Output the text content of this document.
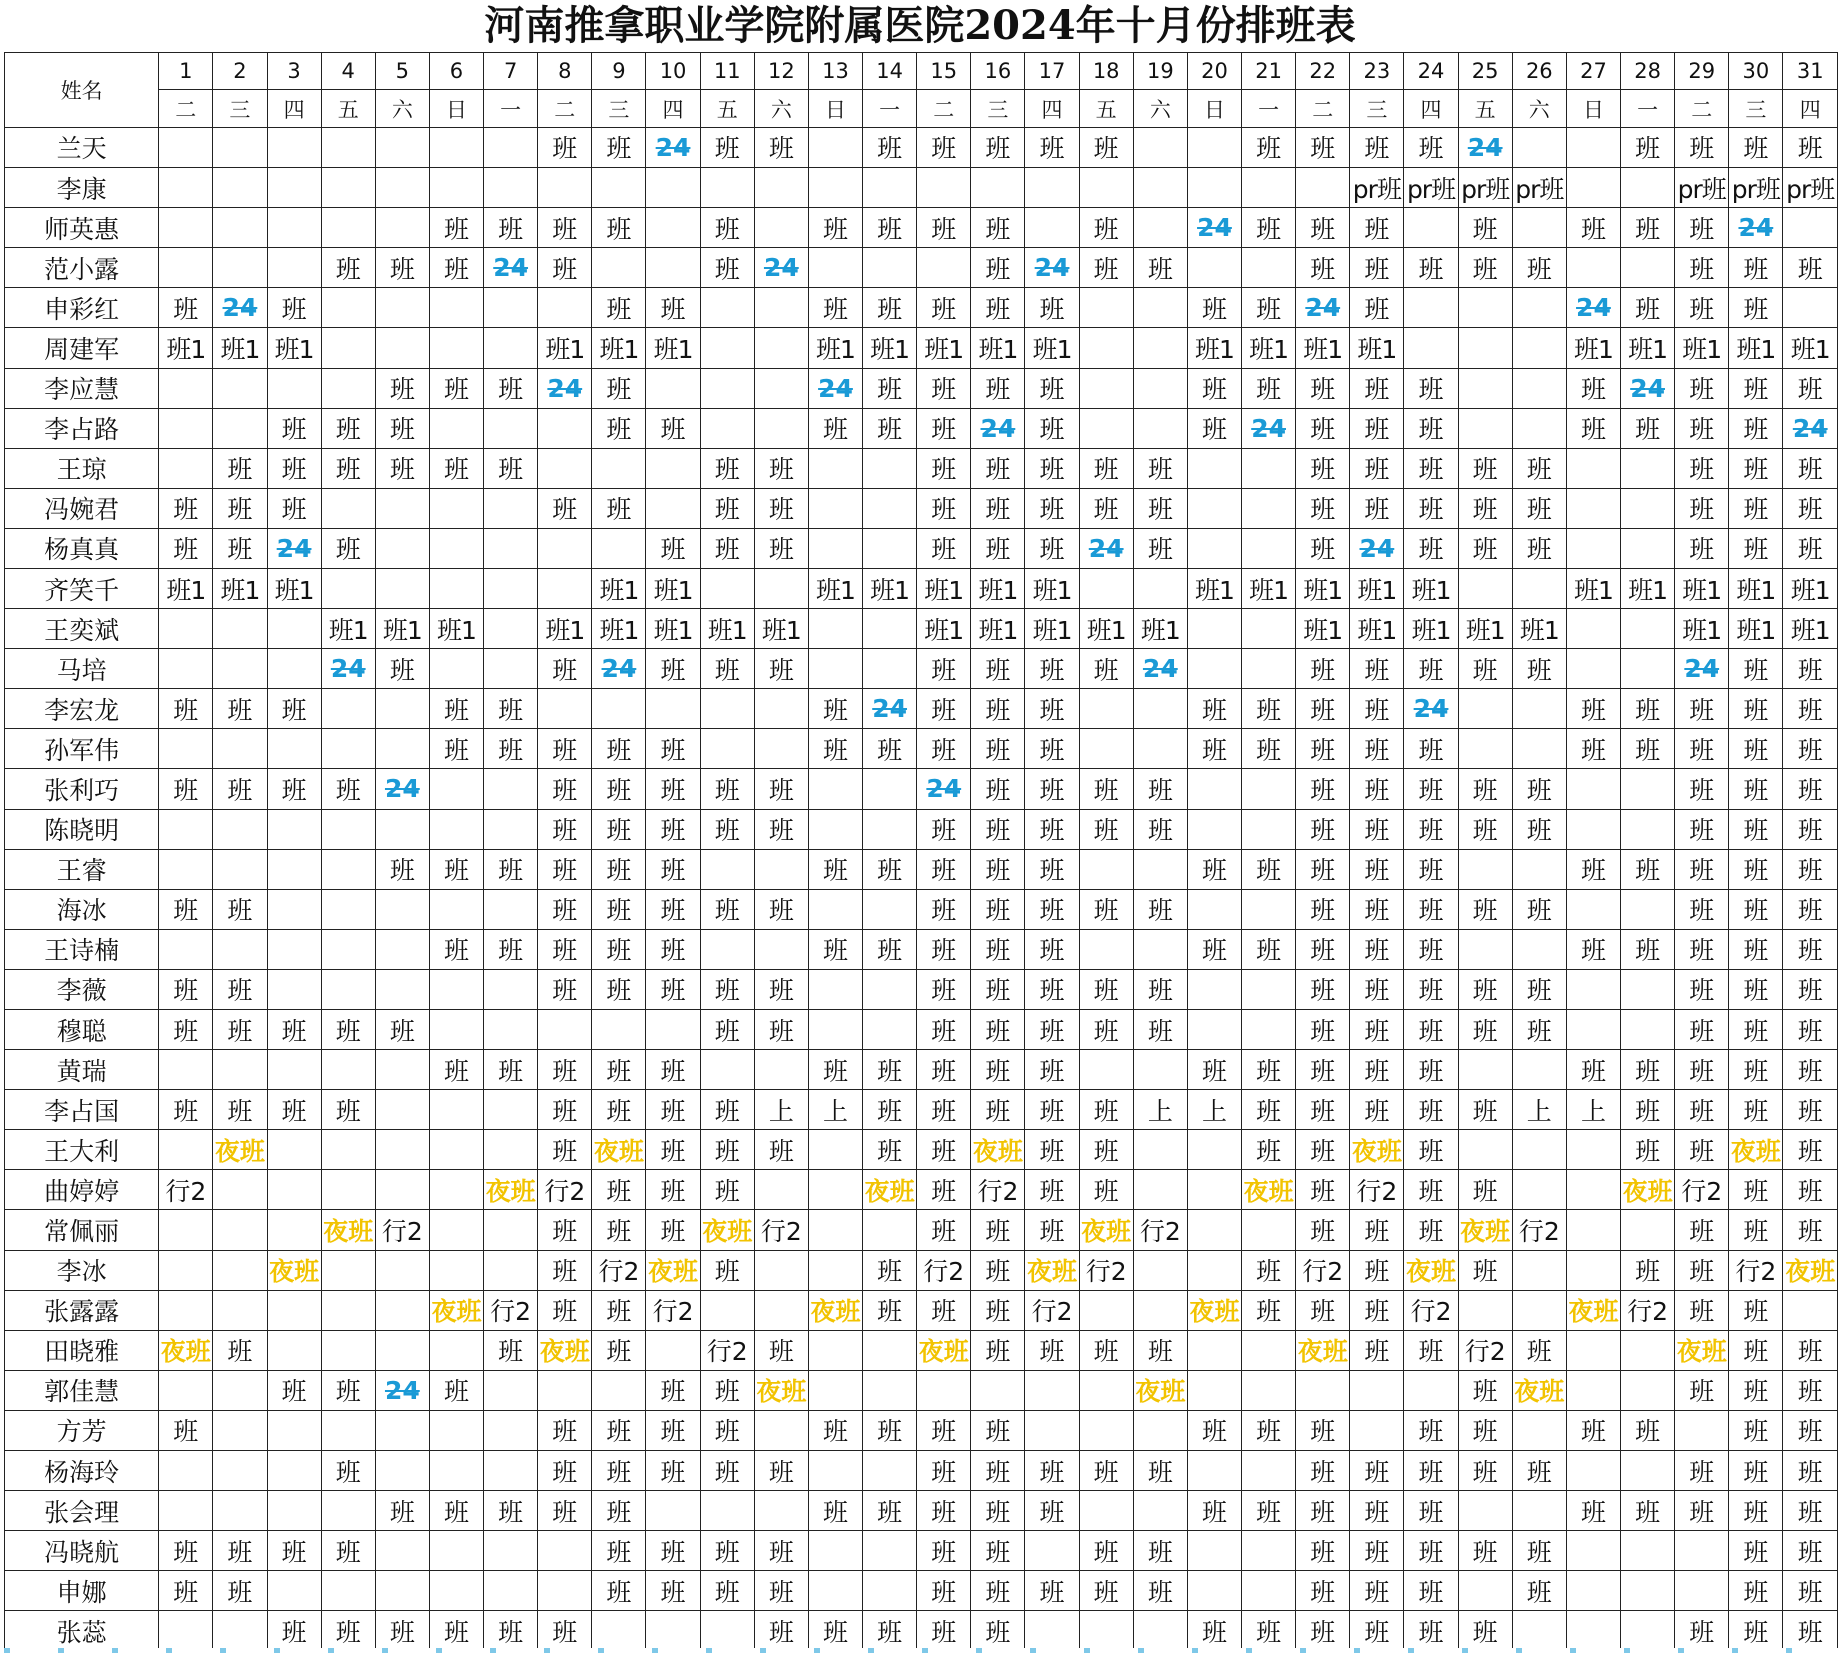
河南推拿职业学院附属医院2024年十月份排班表
姓名	1	2	3	4	5	6	7	8	9	10	11	12	13	14	15	16	17	18	19	20	21	22	23	24	25	26	27	28	29	30	31
	二	三	四	五	六	日	一	二	三	四	五	六	日	一	二	三	四	五	六	日	一	二	三	四	五	六	日	一	二	三	四
兰天								班	班	24	班	班		班	班	班	班	班			班	班	班	班	24			班	班	班	班
李康																							pr班	pr班	pr班	pr班			pr班	pr班	pr班
师英惠						班	班	班	班		班		班	班	班	班		班		24	班	班	班		班		班	班	班	24	
范小露				班	班	班	24	班			班	24				班	24	班	班			班	班	班	班	班			班	班	班
申彩红	班	24	班						班	班			班	班	班	班	班			班	班	24	班				24	班	班	班	
周建军	班1	班1	班1					班1	班1	班1			班1	班1	班1	班1	班1			班1	班1	班1	班1				班1	班1	班1	班1	班1
李应慧					班	班	班	24	班				24	班	班	班	班			班	班	班	班	班			班	24	班	班	班
李占路			班	班	班				班	班			班	班	班	24	班			班	24	班	班	班			班	班	班	班	24
王琼		班	班	班	班	班	班				班	班			班	班	班	班	班			班	班	班	班	班			班	班	班
冯婉君	班	班	班					班	班		班	班			班	班	班	班	班			班	班	班	班	班			班	班	班
杨真真	班	班	24	班						班	班	班			班	班	班	24	班			班	24	班	班	班			班	班	班
齐笑千	班1	班1	班1						班1	班1			班1	班1	班1	班1	班1			班1	班1	班1	班1	班1			班1	班1	班1	班1	班1
王奕斌				班1	班1	班1		班1	班1	班1	班1	班1			班1	班1	班1	班1	班1			班1	班1	班1	班1	班1			班1	班1	班1
马培				24	班			班	24	班	班	班			班	班	班	班	24			班	班	班	班	班			24	班	班
李宏龙	班	班	班			班	班						班	24	班	班	班			班	班	班	班	24			班	班	班	班	班
孙军伟						班	班	班	班	班			班	班	班	班	班			班	班	班	班	班			班	班	班	班	班
张利巧	班	班	班	班	24			班	班	班	班	班			24	班	班	班	班			班	班	班	班	班			班	班	班
陈晓明								班	班	班	班	班			班	班	班	班	班			班	班	班	班	班			班	班	班
王睿					班	班	班	班	班	班			班	班	班	班	班			班	班	班	班	班			班	班	班	班	班
海冰	班	班						班	班	班	班	班			班	班	班	班	班			班	班	班	班	班			班	班	班
王诗楠						班	班	班	班	班			班	班	班	班	班			班	班	班	班	班			班	班	班	班	班
李薇	班	班						班	班	班	班	班			班	班	班	班	班			班	班	班	班	班			班	班	班
穆聪	班	班	班	班	班						班	班			班	班	班	班	班			班	班	班	班	班			班	班	班
黄瑞						班	班	班	班	班			班	班	班	班	班			班	班	班	班	班			班	班	班	班	班
李占国	班	班	班	班				班	班	班	班	上	上	班	班	班	班	班	上	上	班	班	班	班	班	上	上	班	班	班	班
王大利		夜班						班	夜班	班	班	班		班	班	夜班	班	班			班	班	夜班	班				班	班	夜班	班
曲婷婷	行2						夜班	行2	班	班	班			夜班	班	行2	班	班			夜班	班	行2	班	班			夜班	行2	班	班
常佩丽				夜班	行2			班	班	班	夜班	行2			班	班	班	夜班	行2			班	班	班	夜班	行2			班	班	班
李冰			夜班					班	行2	夜班	班			班	行2	班	夜班	行2			班	行2	班	夜班	班			班	班	行2	夜班
张露露						夜班	行2	班	班	行2			夜班	班	班	班	行2			夜班	班	班	班	行2			夜班	行2	班	班	
田晓雅	夜班	班					班	夜班	班		行2	班			夜班	班	班	班	班			夜班	班	班	行2	班			夜班	班	班
郭佳慧			班	班	24	班				班	班	夜班							夜班						班	夜班			班	班	班
方芳	班							班	班	班	班		班	班	班	班				班	班	班		班	班		班	班		班	班
杨海玲				班				班	班	班	班	班			班	班	班	班	班			班	班	班	班	班			班	班	班
张会理					班	班	班	班	班				班	班	班	班	班			班	班	班	班	班			班	班	班	班	班
冯晓航	班	班	班	班					班	班	班	班			班	班		班	班			班	班	班	班	班				班	班
申娜	班	班							班	班	班	班			班	班	班	班	班			班	班	班		班				班	班
张蕊			班	班	班	班	班	班				班	班	班	班	班				班	班	班	班	班	班				班	班	班
